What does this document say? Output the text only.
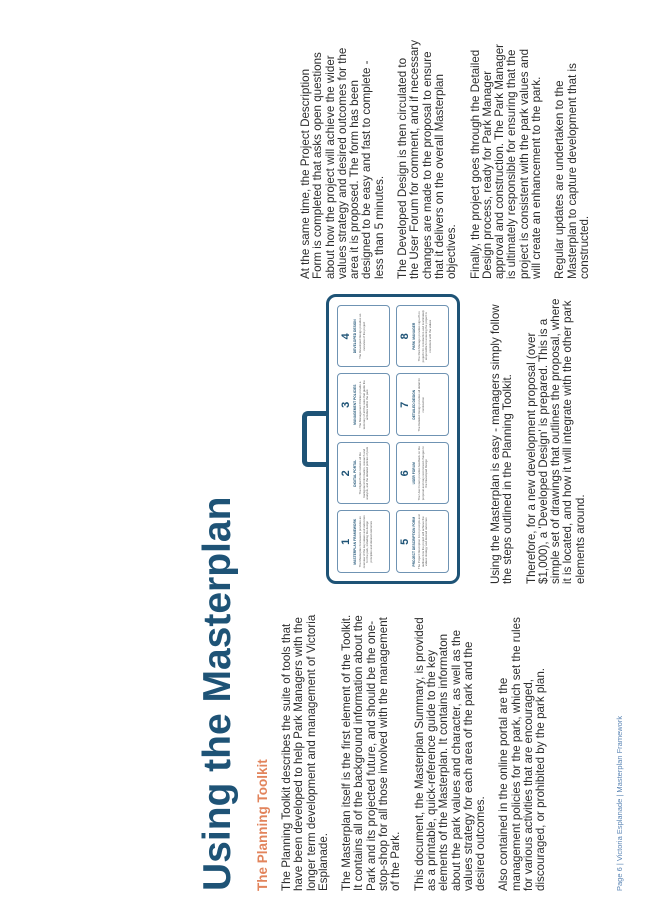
Using the Masterplan The Planning Toolkit The Planning Toolkit describes the suite of tools that have been developed to help Park Managers with the longer term development and management of Victoria Esplanade. The Masterplan itself is the first element of the Toolkit. It contains all of the background information about the Park and its projected future, and should be the one-stop-shop for all those involved with the management of the Park. This document, the Masterplan Summary, is provided as a printable, quick-reference guide to the key elements of the Masterplan. It contains informaton about the park values and character, as well as the values strategy for each area of the park and the desired outcomes. Also contained in the online portal are the management policies for the park, which set the rules for various activities that are encouraged, discouraged, or prohibited by the park plan.

1 MASTERPLAN FRAMEWORK The Masterplan Framework provides an overview of the key values and outcomes for the park, including the design principles and desired outcomes
2 DIGITAL PORTAL The Digital Portal contains all the background information, research and analysis, and the detailed policies of park
3 MANAGEMENT POLICIES The Management Policies provide a summary of all the rules that guide the activities within the park
4 DEVELOPED DESIGN The Developed Design provides an overview of the project
5 PROJECT DESCRIPTION FORM The Project Description Form prompts and outlines how the project will achieve the values strategy and desired outcomes
6 USER FORUM The User Forum provides feedback on the proposal and may recommend changes to the Developed Design
7 DETAILED DESIGN The Detailed Design provides all detail for construction
8 PARK MANAGER The Park Manager provides sign-off on projects for construction and is ultimately responsible for ensuring the project is consistent with the values	Using the Masterplan is easy - managers simply follow the steps outlined in the Planning Toolkit. Therefore, for a new development proposal (over $1,000), a 'Developed Design' is prepared. This is a simple set of drawings that outlines the proposal, where it is located, and how it will integrate with the other park elements around.

At the same time, the Project Description Form is completed that asks open questions about how the project will achieve the wider values strategy and desired outcomes for the area it is proposed. The form has been designed to be easy and fast to complete - less than 5 minutes. The Developed Design is then circulated to the User Forum for comment, and if necessary changes are made to the proposal to ensure that it delivers on the overall Masterplan objectives. Finally, the project goes through the Detailed Design process, ready for Park Manager approval and construction. The Park Manager is ultimately responsible for ensuring that the project is consistent with the park values and will create an enhancement to the park. Regular updates are undertaken to the Masterplan to capture development that is constructed.

Page 6 | Victoria Esplanade | Masterplan Framework
